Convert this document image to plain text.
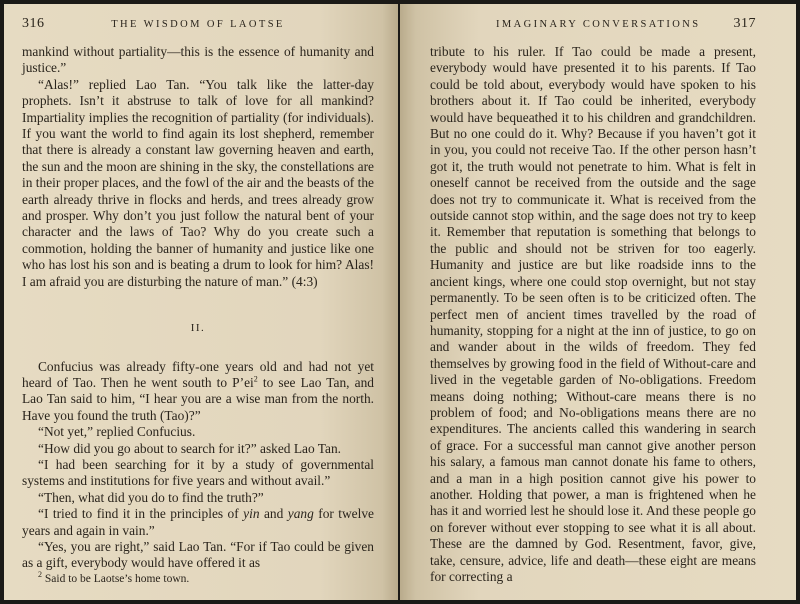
316	THE WISDOM OF LAOTSE

mankind without partiality—this is the essence of humanity and justice.”

“Alas!” replied Lao Tan. “You talk like the latter-day prophets. Isn’t it abstruse to talk of love for all mankind? Impartiality implies the recognition of partiality (for individuals). If you want the world to find again its lost shepherd, remember that there is already a constant law governing heaven and earth, the sun and the moon are shining in the sky, the constellations are in their proper places, and the fowl of the air and the beasts of the earth already thrive in flocks and herds, and trees already grow and prosper. Why don’t you just follow the natural bent of your character and the laws of Tao? Why do you create such a commotion, holding the banner of humanity and justice like one who has lost his son and is beating a drum to look for him? Alas! I am afraid you are disturbing the nature of man.” (4:3)

II.

Confucius was already fifty-one years old and had not yet heard of Tao. Then he went south to $P’ei^2$ to see Lao Tan, and Lao Tan said to him, “I hear you are a wise man from the north. Have you found the truth (Tao)?”

“Not yet,” replied Confucius.

“How did you go about to search for it?” asked Lao Tan.

“I had been searching for it by a study of governmental systems and institutions for five years and without avail.”

“Then, what did you do to find the truth?”

“I tried to find it in the principles of yin and yang for twelve years and again in vain.”

“Yes, you are right,” said Lao Tan. “For if Tao could be given as a gift, everybody would have offered it as

$^2$ Said to be Laotse’s home town.

IMAGINARY CONVERSATIONS	317

tribute to his ruler. If Tao could be made a present, everybody would have presented it to his parents. If Tao could be told about, everybody would have spoken to his brothers about it. If Tao could be inherited, everybody would have bequeathed it to his children and grandchildren. But no one could do it. Why? Because if you haven’t got it in you, you could not receive Tao. If the other person hasn’t got it, the truth would not penetrate to him. What is felt in oneself cannot be received from the outside and the sage does not try to communicate it. What is received from the outside cannot stop within, and the sage does not try to keep it. Remember that reputation is something that belongs to the public and should not be striven for too eagerly. Humanity and justice are but like roadside inns to the ancient kings, where one could stop overnight, but not stay permanently. To be seen often is to be criticized often. The perfect men of ancient times travelled by the road of humanity, stopping for a night at the inn of justice, to go on and wander about in the wilds of freedom. They fed themselves by growing food in the field of Without-care and lived in the vegetable garden of No-obligations. Freedom means doing nothing; Without-care means there is no problem of food; and No-obligations means there are no expenditures. The ancients called this wandering in search of grace. For a successful man cannot give another person his salary, a famous man cannot donate his fame to others, and a man in a high position cannot give his power to another. Holding that power, a man is frightened when he has it and worried lest he should lose it. And these people go on forever without ever stopping to see what it is all about. These are the damned by God. Resentment, favor, give, take, censure, advice, life and death—these eight are means for correcting a
